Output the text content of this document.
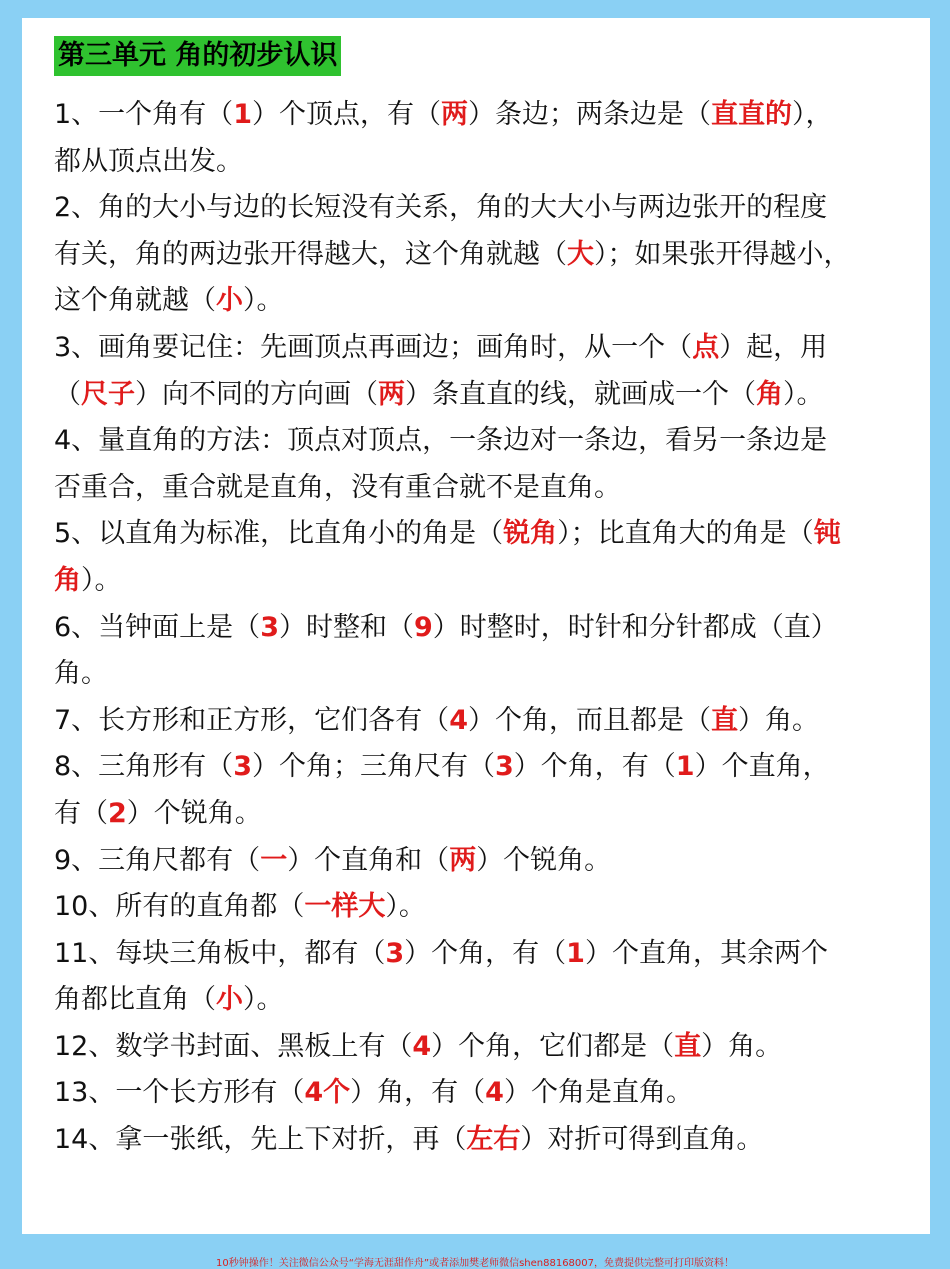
第三单元 角的初步认识

1、一个角有（1）个顶点，有（两）条边；两条边是（直直的），都从顶点出发。

2、角的大小与边的长短没有关系，角的大大小与两边张开的程度有关，角的两边张开得越大，这个角就越（大）；如果张开得越小，这个角就越（小）。

3、画角要记住：先画顶点再画边；画角时，从一个（点）起，用（尺子）向不同的方向画（两）条直直的线，就画成一个（角）。

4、量直角的方法：顶点对顶点，一条边对一条边，看另一条边是否重合，重合就是直角，没有重合就不是直角。

5、以直角为标准，比直角小的角是（锐角）；比直角大的角是（钝角）。

6、当钟面上是（3）时整和（9）时整时，时针和分针都成（直）角。

7、长方形和正方形，它们各有（4）个角，而且都是（直）角。

8、三角形有（3）个角；三角尺有（3）个角，有（1）个直角，有（2）个锐角。

9、三角尺都有（一）个直角和（两）个锐角。

10、所有的直角都（一样大）。

11、每块三角板中，都有（3）个角，有（1）个直角，其余两个角都比直角（小）。

12、数学书封面、黑板上有（4）个角，它们都是（直）角。

13、一个长方形有（4个）角，有（4）个角是直角。

14、拿一张纸，先上下对折，再（左右）对折可得到直角。

10秒钟操作！关注微信公众号“学海无涯甜作舟”或者添加樊老师微信shen88168007，免费提供完整可打印版资料！
